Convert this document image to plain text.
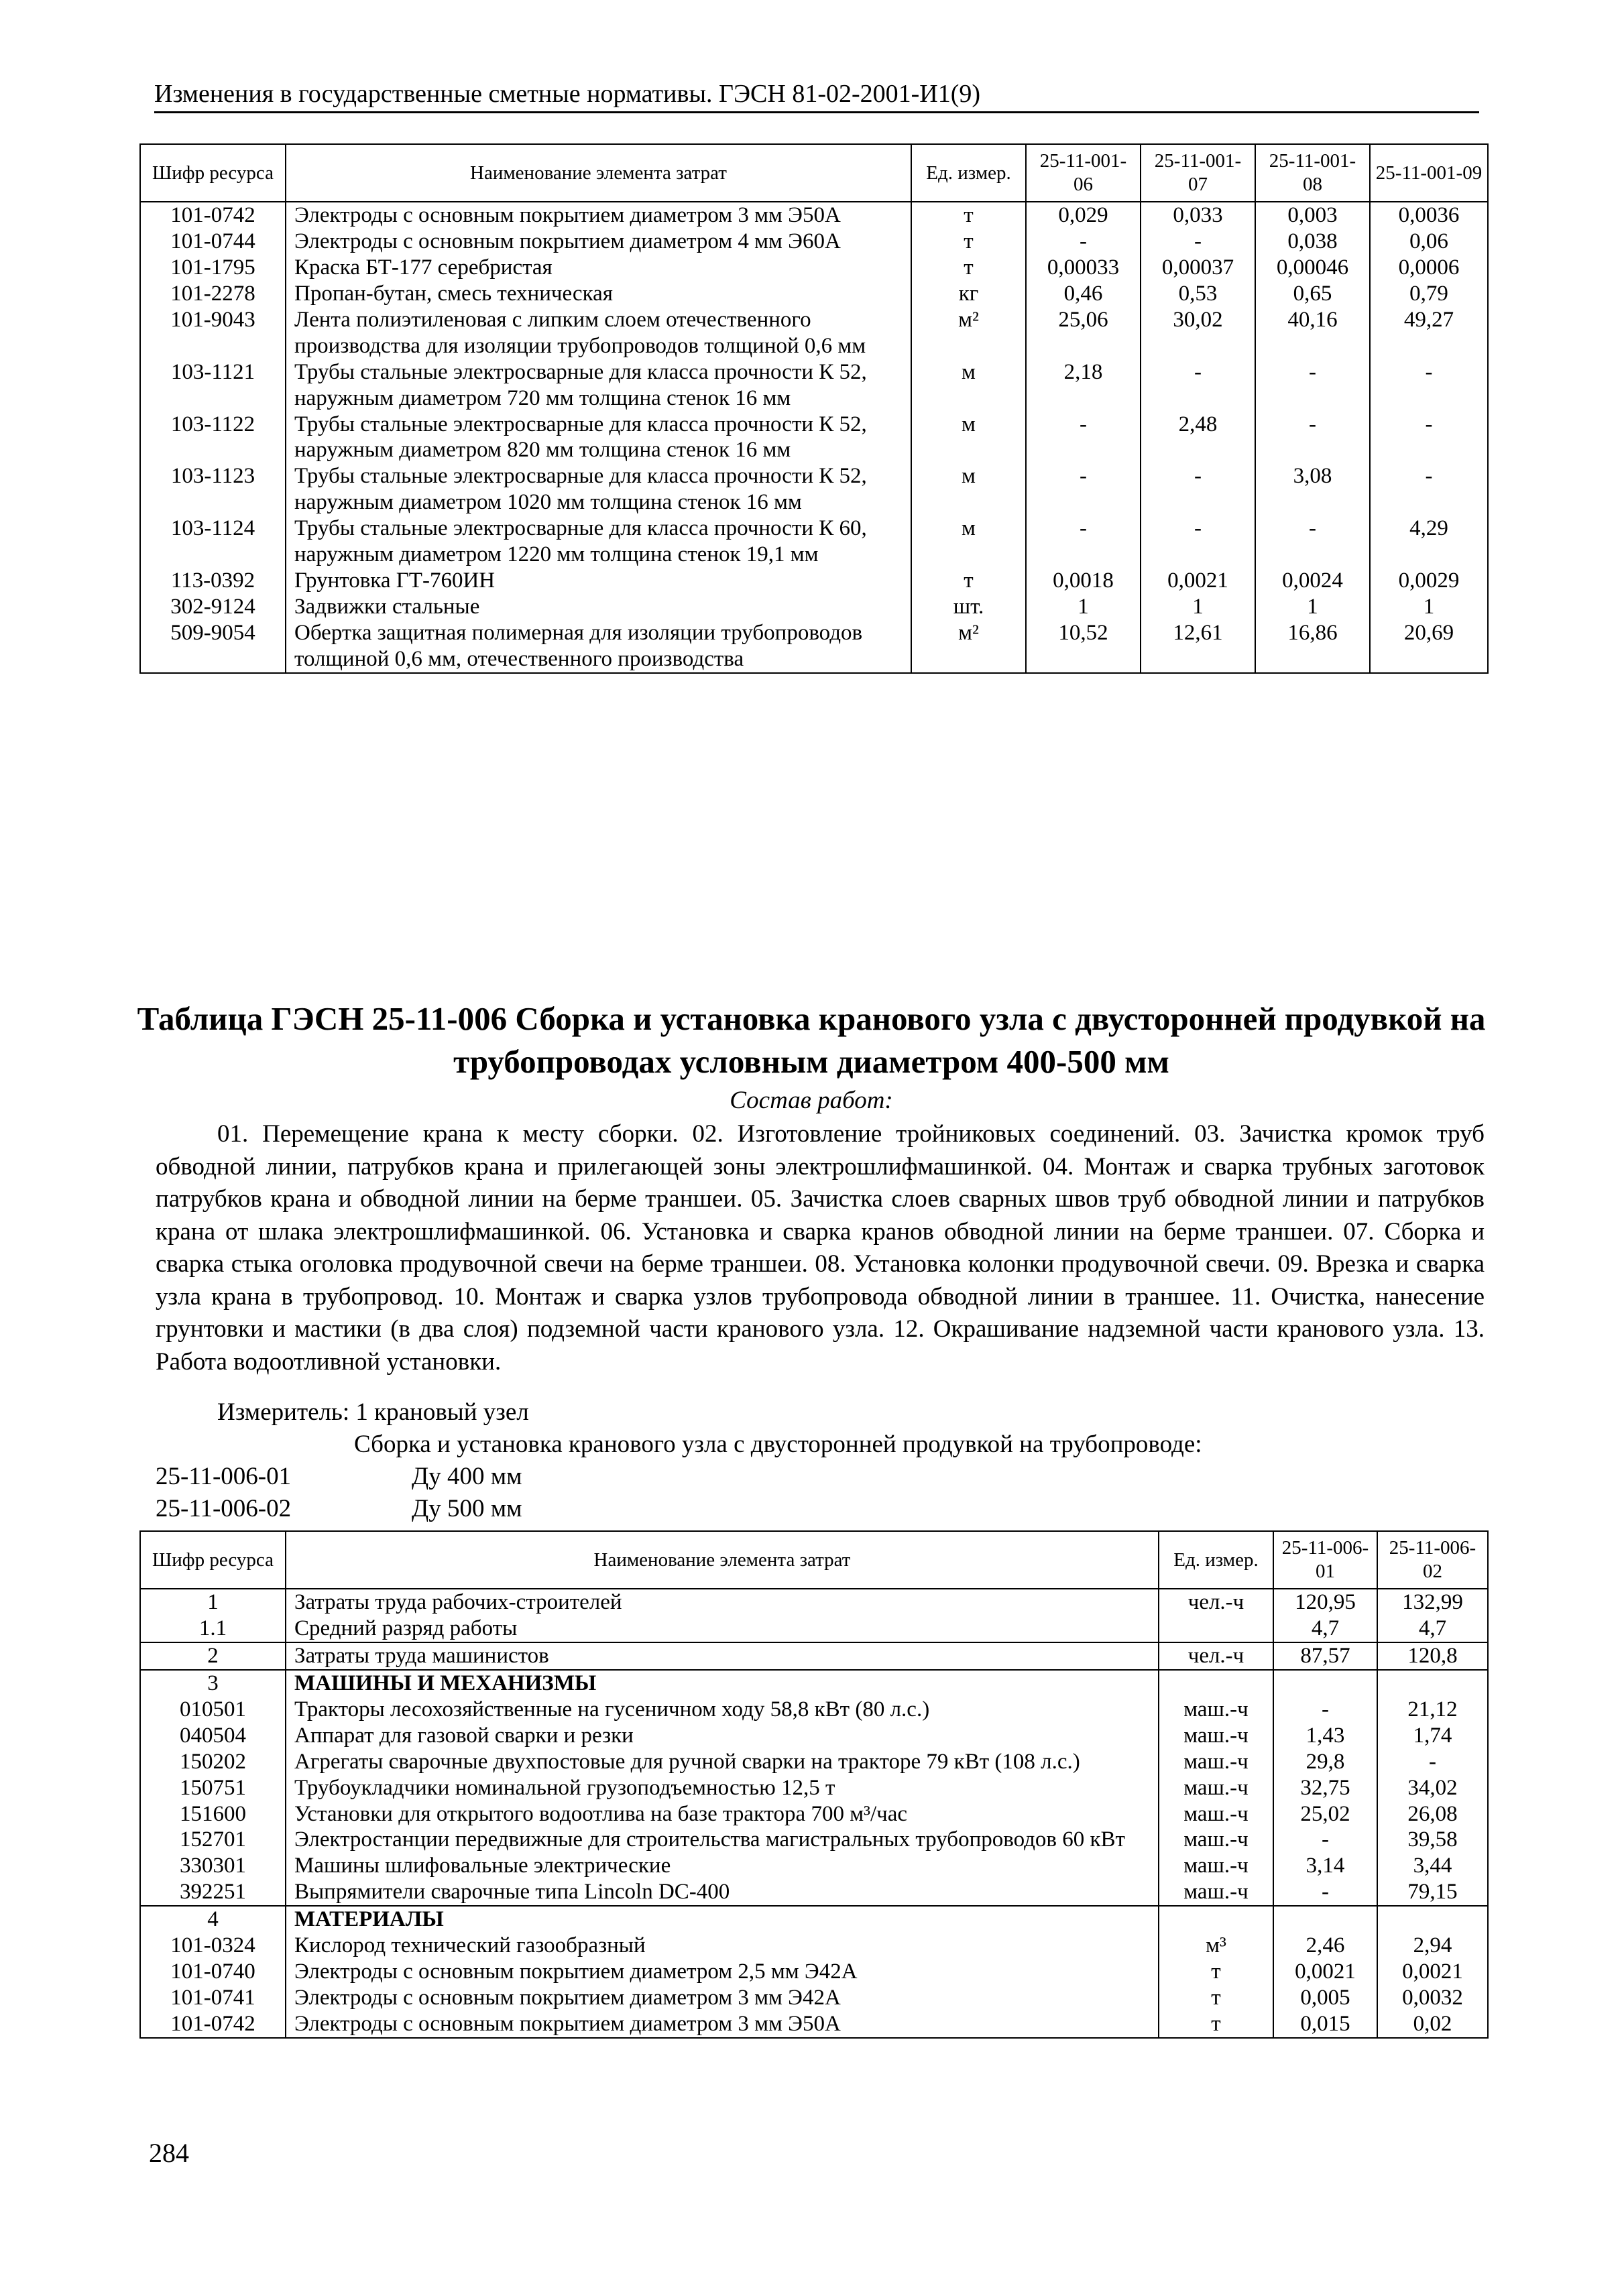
Изменения в государственные сметные нормативы. ГЭСН 81-02-2001-И1(9)
Шифр ресурса	Наименование элемента затрат	Ед. измер.	25-11-001-06	25-11-001-07	25-11-001-08	25-11-001-09
101-0742	Электроды с основным покрытием диаметром 3 мм Э50А	т	0,029	0,033	0,003	0,0036
101-0744	Электроды с основным покрытием диаметром 4 мм Э60А	т	-	-	0,038	0,06
101-1795	Краска БТ-177 серебристая	т	0,00033	0,00037	0,00046	0,0006
101-2278	Пропан-бутан, смесь техническая	кг	0,46	0,53	0,65	0,79
101-9043	Лента полиэтиленовая с липким слоем отечественного производства для изоляции трубопроводов толщиной 0,6 мм	м²	25,06	30,02	40,16	49,27
103-1121	Трубы стальные электросварные для класса прочности К 52, наружным диаметром 720 мм толщина стенок 16 мм	м	2,18	-	-	-
103-1122	Трубы стальные электросварные для класса прочности К 52, наружным диаметром 820 мм толщина стенок 16 мм	м	-	2,48	-	-
103-1123	Трубы стальные электросварные для класса прочности К 52, наружным диаметром 1020 мм толщина стенок 16 мм	м	-	-	3,08	-
103-1124	Трубы стальные электросварные для класса прочности К 60, наружным диаметром 1220 мм толщина стенок 19,1 мм	м	-	-	-	4,29
113-0392	Грунтовка ГТ-760ИН	т	0,0018	0,0021	0,0024	0,0029
302-9124	Задвижки стальные	шт.	1	1	1	1
509-9054	Обертка защитная полимерная для изоляции трубопроводов толщиной 0,6 мм, отечественного производства	м²	10,52	12,61	16,86	20,69
Таблица ГЭСН 25-11-006 Сборка и установка кранового узла с двусторонней продувкой на трубопроводах условным диаметром 400-500 мм
Состав работ:

01. Перемещение крана к месту сборки. 02. Изготовление тройниковых соединений. 03. Зачистка кромок труб обводной линии, патрубков крана и прилегающей зоны электрошлифмашинкой. 04. Монтаж и сварка трубных заготовок патрубков крана и обводной линии на берме траншеи. 05. Зачистка слоев сварных швов труб обводной линии и патрубков крана от шлака электрошлифмашинкой. 06. Установка и сварка кранов обводной линии на берме траншеи. 07. Сборка и сварка стыка оголовка продувочной свечи на берме траншеи. 08. Установка колонки продувочной свечи. 09. Врезка и сварка узла крана в трубопровод. 10. Монтаж и сварка узлов трубопровода обводной линии в траншее. 11. Очистка, нанесение грунтовки и мастики (в два слоя) подземной части кранового узла. 12. Окрашивание надземной части кранового узла. 13. Работа водоотливной установки.

Измеритель: 1 крановый узел
Сборка и установка кранового узла с двусторонней продувкой на трубопроводе:
25-11-006-01	Ду 400 мм
25-11-006-02	Ду 500 мм
Шифр ресурса	Наименование элемента затрат	Ед. измер.	25-11-006-01	25-11-006-02
1	Затраты труда рабочих-строителей	чел.-ч	120,95	132,99
1.1	Средний разряд работы		4,7	4,7
2	Затраты труда машинистов	чел.-ч	87,57	120,8
3	МАШИНЫ И МЕХАНИЗМЫ			
010501	Тракторы лесохозяйственные на гусеничном ходу 58,8 кВт (80 л.с.)	маш.-ч	-	21,12
040504	Аппарат для газовой сварки и резки	маш.-ч	1,43	1,74
150202	Агрегаты сварочные двухпостовые для ручной сварки на тракторе 79 кВт (108 л.с.)	маш.-ч	29,8	-
150751	Трубоукладчики номинальной грузоподъемностью 12,5 т	маш.-ч	32,75	34,02
151600	Установки для открытого водоотлива на базе трактора 700 м³/час	маш.-ч	25,02	26,08
152701	Электростанции передвижные для строительства магистральных трубопроводов 60 кВт	маш.-ч	-	39,58
330301	Машины шлифовальные электрические	маш.-ч	3,14	3,44
392251	Выпрямители сварочные типа Lincoln DC-400	маш.-ч	-	79,15
4	МАТЕРИАЛЫ			
101-0324	Кислород технический газообразный	м³	2,46	2,94
101-0740	Электроды с основным покрытием диаметром 2,5 мм Э42А	т	0,0021	0,0021
101-0741	Электроды с основным покрытием диаметром 3 мм Э42А	т	0,005	0,0032
101-0742	Электроды с основным покрытием диаметром 3 мм Э50А	т	0,015	0,02
284
